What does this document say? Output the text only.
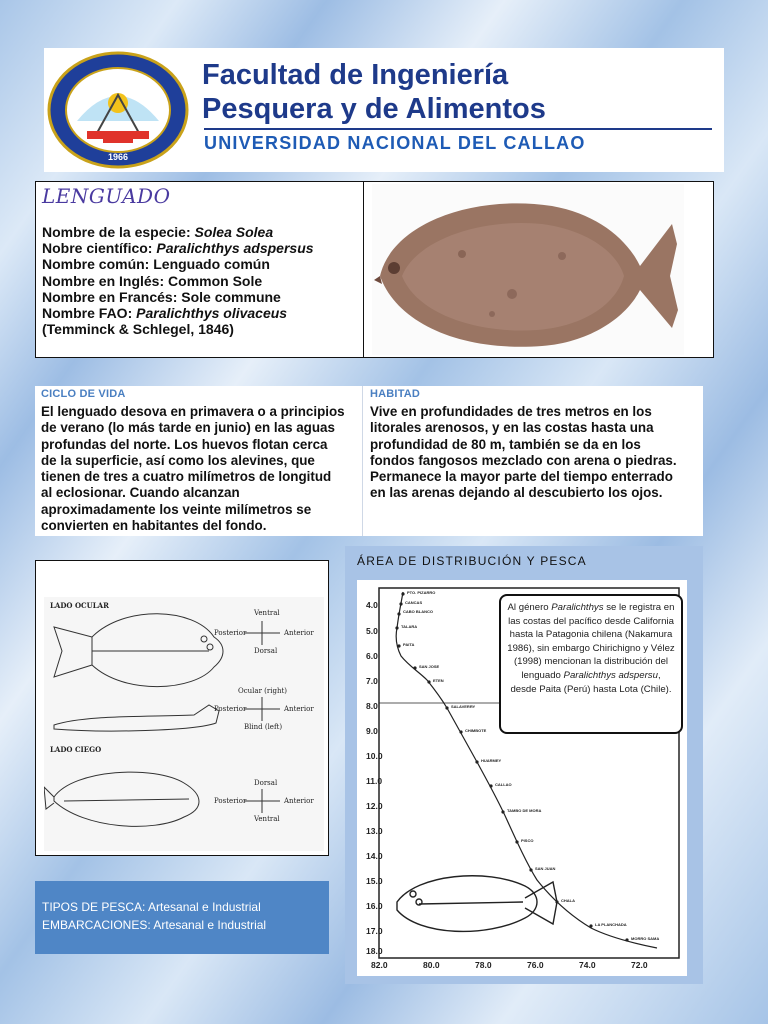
1966
Facultad de Ingeniería
Pesquera y de Alimentos
UNIVERSIDAD NACIONAL DEL CALLAO
LENGUADO
Nombre de la especie: Solea Solea
Nobre científico: Paralichthys adspersus
Nombre común: Lenguado común
Nombre en Inglés: Common Sole
Nombre en Francés: Sole commune
Nombre FAO: Paralichthys olivaceus
(Temminck & Schlegel, 1846)
CICLO DE VIDA
El lenguado desova en primavera o a principios
de verano (lo más tarde en junio) en las aguas
profundas del norte. Los huevos flotan cerca
de la superficie, así como los alevines, que
tienen de tres a cuatro milímetros de longitud
al eclosionar. Cuando alcanzan
aproximadamente los veinte milímetros se
convierten en habitantes del fondo.
HABITAD
Vive en profundidades de tres metros en los
litorales arenosos, y en las costas hasta una
profundidad de 80 m, también se da en los
fondos fangosos mezclado con arena o piedras.
Permanece la mayor parte del tiempo enterrado
en las arenas dejando al descubierto los ojos.
LADO OCULAR
LADO CIEGO
Ventral
Posterior	Anterior
Dorsal
Ocular (right)
Posterior	Anterior
Blind (left)
Dorsal
Posterior	Anterior
Ventral
TIPOS DE PESCA: Artesanal e Industrial
EMBARCACIONES: Artesanal e Industrial
ÁREA DE DISTRIBUCIÓN Y PESCA
4.0
5.0
6.0
7.0
8.0
9.0
10.0
11.0
12.0
13.0
14.0
15.0
16.0
17.0
18.0
82.0	80.0	78.0	76.0	74.0	72.0
PTO. PIZARRO
CANCAS
CABO BLANCO
TALARA
PAITA
SAN JOSE
ETEN
SALAVERRY
CHIMBOTE
HUARMEY
CALLAO
TAMBO DE MORA
PISCO
SAN JUAN
CHALA
LA PLANCHADA
MORRO SAMA
Al género Paralichthys se le registra en las costas del pacífico desde California hasta la Patagonia chilena (Nakamura 1986), sin embargo Chirichigno y Vélez (1998) mencionan la distribución del lenguado Paralichthys adspersu, desde Paita (Perú) hasta Lota (Chile).
